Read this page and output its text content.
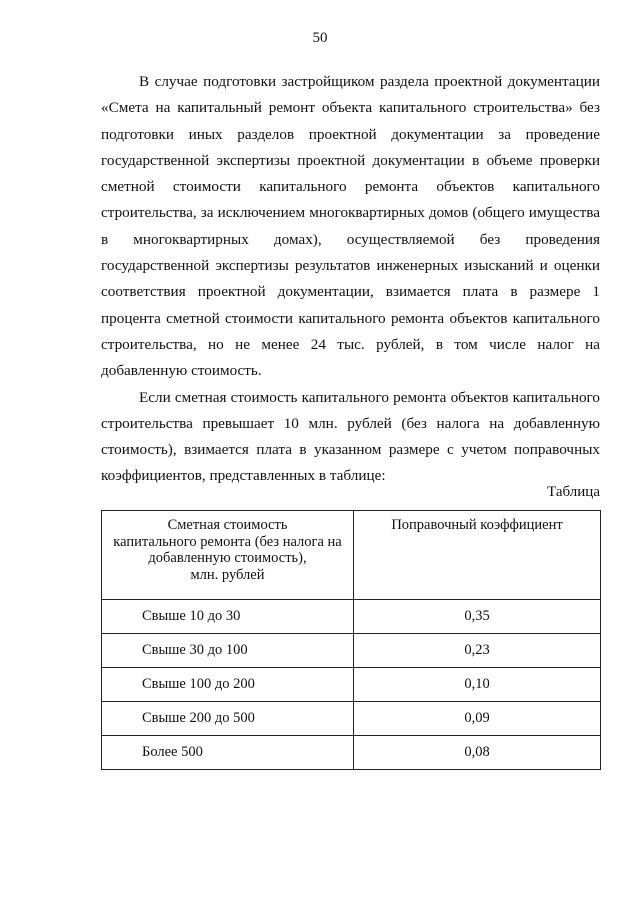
50

В случае подготовки застройщиком раздела проектной документации «Смета на капитальный ремонт объекта капитального строительства» без подготовки иных разделов проектной документации за проведение государственной экспертизы проектной документации в объеме проверки сметной стоимости капитального ремонта объектов капитального строительства, за исключением многоквартирных домов (общего имущества в многоквартирных домах), осуществляемой без проведения государственной экспертизы результатов инженерных изысканий и оценки соответствия проектной документации, взимается плата в размере 1 процента сметной стоимости капитального ремонта объектов капитального строительства, но не менее 24 тыс. рублей, в том числе налог на добавленную стоимость.

Если сметная стоимость капитального ремонта объектов капитального строительства превышает 10 млн. рублей (без налога на добавленную стоимость), взимается плата в указанном размере с учетом поправочных коэффициентов, представленных в таблице:

Таблица
Сметная стоимость
капитального ремонта (без налога на
добавленную стоимость),
млн. рублей	Поправочный коэффициент
Свыше 10 до 30	0,35
Свыше 30 до 100	0,23
Свыше 100 до 200	0,10
Свыше 200 до 500	0,09
Более 500	0,08
